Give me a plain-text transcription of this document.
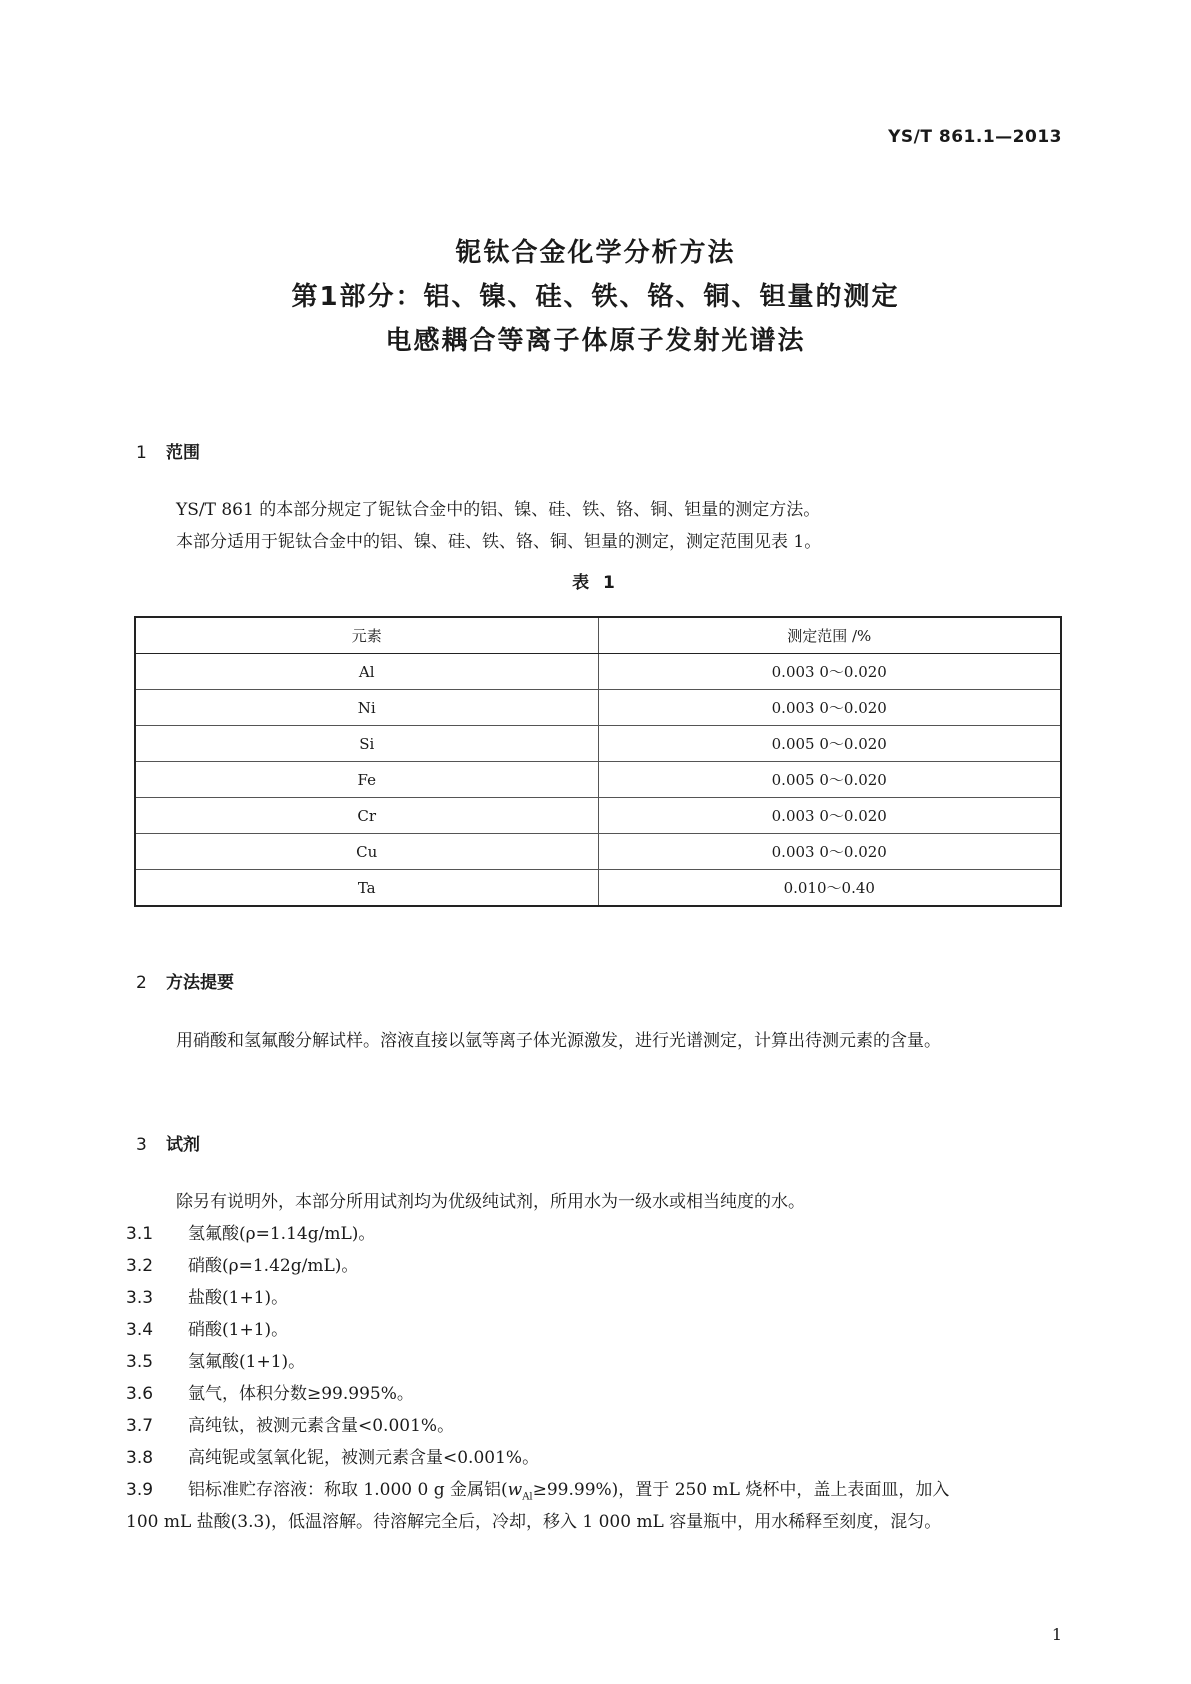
YS/T 861.1—2013
铌钛合金化学分析方法
第1部分：铝、镍、硅、铁、铬、铜、钽量的测定
电感耦合等离子体原子发射光谱法
1 范围
YS/T 861 的本部分规定了铌钛合金中的铝、镍、硅、铁、铬、铜、钽量的测定方法。
本部分适用于铌钛合金中的铝、镍、硅、铁、铬、铜、钽量的测定，测定范围见表 1。
表 1
元素	测定范围 /%
Al	0.003 0～0.020
Ni	0.003 0～0.020
Si	0.005 0～0.020
Fe	0.005 0～0.020
Cr	0.003 0～0.020
Cu	0.003 0～0.020
Ta	0.010～0.40
2 方法提要
用硝酸和氢氟酸分解试样。溶液直接以氩等离子体光源激发，进行光谱测定，计算出待测元素的含量。
3 试剂
除另有说明外，本部分所用试剂均为优级纯试剂，所用水为一级水或相当纯度的水。
3.1 氢氟酸(ρ=1.14g/mL)。
3.2 硝酸(ρ=1.42g/mL)。
3.3 盐酸(1+1)。
3.4 硝酸(1+1)。
3.5 氢氟酸(1+1)。
3.6 氩气，体积分数≥99.995%。
3.7 高纯钛，被测元素含量<0.001%。
3.8 高纯铌或氢氧化铌，被测元素含量<0.001%。
3.9 铝标准贮存溶液：称取 1.000 0 g 金属铝$(w_{Al}\ge 99.99\%)$，置于 250 mL 烧杯中，盖上表面皿，加入
100 mL 盐酸(3.3)，低温溶解。待溶解完全后，冷却，移入 1 000 mL 容量瓶中，用水稀释至刻度，混匀。
1
